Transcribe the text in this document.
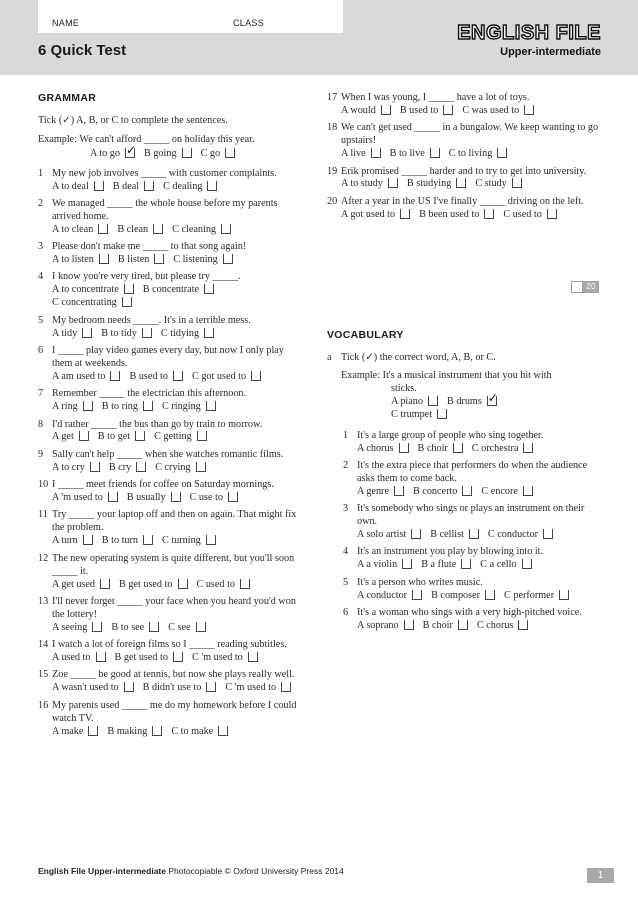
NAME	CLASS
6 Quick Test
ENGLISH FILE
Upper-intermediate
GRAMMAR

Tick (✓) A, B, or C to complete the sentences.

Example: We can't afford _____ on holiday this year.

A to go ✓ B going C go
1 My new job involves _____ with customer complaints.
A to deal B deal C dealing
2 We managed _____ the whole house before my parents arrived home.
A to clean B clean C cleaning
3 Please don't make me _____ to that song again!
A to listen B listen C listening
4 I know you're very tired, but please try _____.
A to concentrate B concentrateC concentrating
5 My bedroom needs _____. It's in a terrible mess.
A tidy B to tidy C tidying
6 I _____ play video games every day, but now I only play them at weekends.
A am used to B used to C got used to
7 Remember _____ the electrician this afternoon.
A ring B to ring C ringing
8 I'd rather _____ the bus than go by train to morrow.
A get B to get C getting
9 Sally can't help _____ when she watches romantic films.
A to cry B cry C crying
10 I _____ meet friends for coffee on Saturday mornings.
A 'm used to B usually C use to
11 Try _____ your laptop off and then on again. That might fix the problem.
A turn B to turn C turning
12 The new operating system is quite different, but you'll soon _____ it.
A get used B get used to C used to
13 I'll never forget _____ your face when you heard you'd won the lottery!
A seeing B to see C see
14 I watch a lot of foreign films so I _____ reading subtitles.
A used to B get used to C 'm used to
15 Zoe _____ be good at tennis, but now she plays really well.
A wasn't used to B didn't use to C 'm used to
16 My parents used _____ me do my homework before I could watch TV.
A make B making C to make
17 When I was young, I _____ have a lot of toys.
A would B used to C was used to
18 We can't get used _____ in a bungalow. We keep wanting to go upstairs!
A live B to live C to living
19 Erik promised _____ harder and to try to get into university.
A to study B studying C study
20 After a year in the US I've finally _____ driving on the left.
A got used to B been used to C used to
VOCABULARY
a Tick (✓) the correct word, A, B, or C.
Example: It's a musical instrument that you hit with
sticks.
A piano B drums ✓

C trumpet
1 It's a large group of people who sing together.
A chorus B choir C orchestra
2 It's the extra piece that performers do when the audience asks them to come back.
A genre B concerto C encore
3 It's somebody who sings or plays an instrument on their own.
A solo artist B cellist C conductor
4 It's an instrument you play by blowing into it.
A a violin B a flute C a cello
5 It's a person who writes music.
A conductor B composer C performer
6 It's a woman who sings with a very high-pitched voice.
A soprano B choir C chorus
20
English File Upper-intermediate Photocopiable © Oxford University Press 2014	1
